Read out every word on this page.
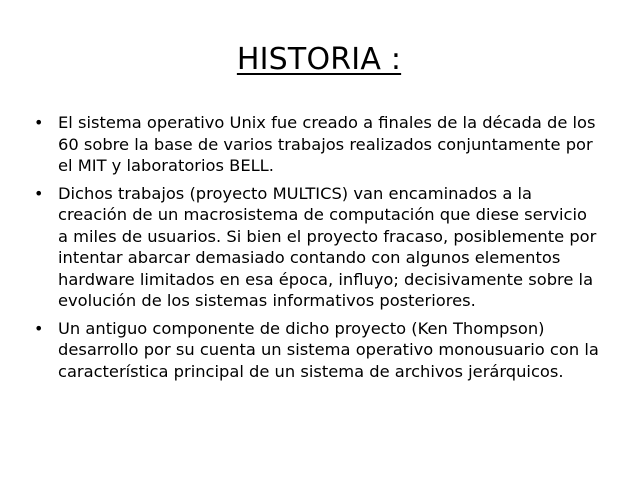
HISTORIA :
• El sistema operativo Unix fue creado a finales de la década de los 60 sobre la base de varios trabajos realizados conjuntamente por el MIT y laboratorios BELL.
• Dichos trabajos (proyecto MULTICS) van encaminados a la creación de un macrosistema de computación que diese servicio a miles de usuarios. Si bien el proyecto fracaso, posiblemente por intentar abarcar demasiado contando con algunos elementos hardware limitados en esa época, influyo; decisivamente sobre la evolución de los sistemas informativos posteriores.
• Un antiguo componente de dicho proyecto (Ken Thompson) desarrollo por su cuenta un sistema operativo monousuario con la característica principal de un sistema de archivos jerárquicos.
